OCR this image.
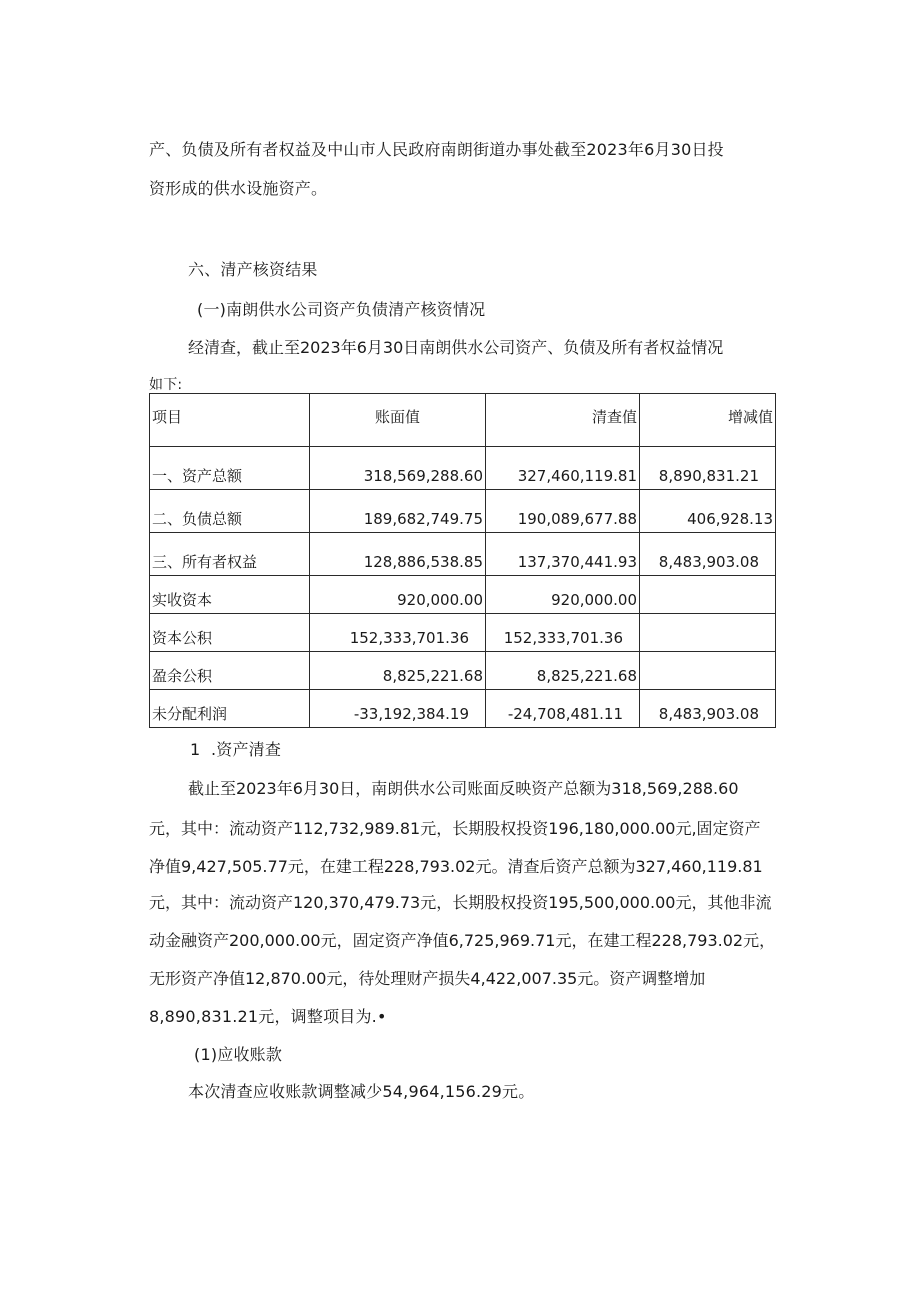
产、负债及所有者权益及中山市人民政府南朗街道办事处截至2023年6月30日投
资形成的供水设施资产。
六、清产核资结果
(一)南朗供水公司资产负债清产核资情况
经清查，截止至2023年6月30日南朗供水公司资产、负债及所有者权益情况
如下:
项目	账面值	清查值	增减值

一、资产总额	318,569,288.60	327,460,119.81	8,890,831.21

二、负债总额	189,682,749.75	190,089,677.88	406,928.13

三、所有者权益	128,886,538.85	137,370,441.93	8,483,903.08

实收资本	920,000.00	920,000.00	

资本公积	152,333,701.36	152,333,701.36	

盈余公积	8,825,221.68	8,825,221.68	

未分配利润	-33,192,384.19	-24,708,481.11	8,483,903.08
1  .资产清查
截止至2023年6月30日，南朗供水公司账面反映资产总额为318,569,288.60
元，其中：流动资产112,732,989.81元，长期股权投资196,180,000.00元,固定资产
净值9,427,505.77元，在建工程228,793.02元。清查后资产总额为327,460,119.81
元，其中：流动资产120,370,479.73元，长期股权投资195,500,000.00元，其他非流
动金融资产200,000.00元，固定资产净值6,725,969.71元，在建工程228,793.02元，
无形资产净值12,870.00元，待处理财产损失4,422,007.35元。资产调整增加
8,890,831.21元，调整项目为.•
(1)应收账款
本次清查应收账款调整减少54,964,156.29元。
